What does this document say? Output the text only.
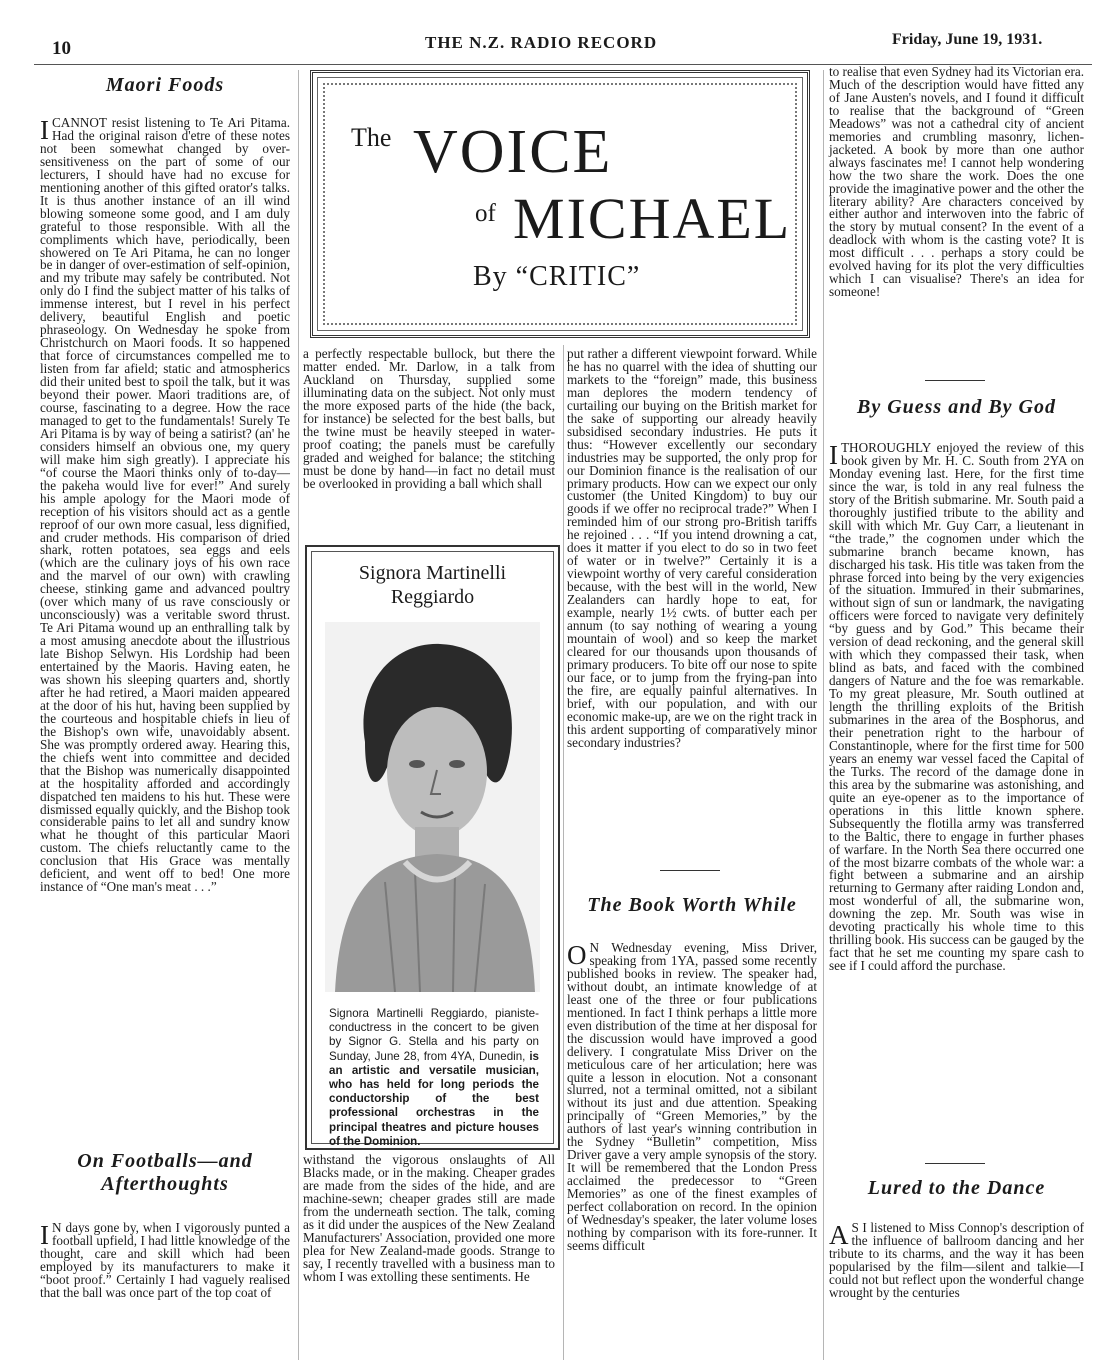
10	THE N.Z. RADIO RECORD	Friday, June 19, 1931.
The VOICE
of MICHAEL
By “CRITIC”
Maori Foods
I CANNOT resist listening to Te Ari Pitama. Had the original raison d'etre of these notes not been somewhat changed by over-sensitiveness on the part of some of our lecturers, I should have had no excuse for mentioning another of this gifted orator's talks. It is thus another instance of an ill wind blowing someone some good, and I am duly grateful to those responsible. With all the compliments which have, periodically, been showered on Te Ari Pitama, he can no longer be in danger of over-estimation of self-opinion, and my tribute may safely be contributed. Not only do I find the subject matter of his talks of immense interest, but I revel in his perfect delivery, beautiful English and poetic phraseology. On Wednesday he spoke from Christchurch on Maori foods. It so happened that force of circumstances compelled me to listen from far afield; static and atmospherics did their united best to spoil the talk, but it was beyond their power. Maori traditions are, of course, fascinating to a degree. How the race managed to get to the fundamentals! Surely Te Ari Pitama is by way of being a satirist? (an' he considers himself an obvious one, my query will make him sigh greatly). I appreciate his “of course the Maori thinks only of to-day—the pakeha would live for ever!” And surely his ample apology for the Maori mode of reception of his visitors should act as a gentle reproof of our own more casual, less dignified, and cruder methods. His comparison of dried shark, rotten potatoes, sea eggs and eels (which are the culinary joys of his own race and the marvel of our own) with crawling cheese, stinking game and advanced poultry (over which many of us rave consciously or unconsciously) was a veritable sword thrust. Te Ari Pitama wound up an enthralling talk by a most amusing anecdote about the illustrious late Bishop Selwyn. His Lordship had been entertained by the Maoris. Having eaten, he was shown his sleeping quarters and, shortly after he had retired, a Maori maiden appeared at the door of his hut, having been supplied by the courteous and hospitable chiefs in lieu of the Bishop's own wife, unavoidably absent. She was promptly ordered away. Hearing this, the chiefs went into committee and decided that the Bishop was numerically disappointed at the hospitality afforded and accordingly dispatched ten maidens to his hut. These were dismissed equally quickly, and the Bishop took considerable pains to let all and sundry know what he thought of this particular Maori custom. The chiefs reluctantly came to the conclusion that His Grace was mentally deficient, and went off to bed! One more instance of “One man's meat . . .”

On Footballs—and

Afterthoughts

I N days gone by, when I vigorously punted a football upfield, I had little knowledge of the thought, care and skill which had been employed by its manufacturers to make it “boot proof.” Certainly I had vaguely realised that the ball was once part of the top coat of
a perfectly respectable bullock, but there the matter ended. Mr. Darlow, in a talk from Auckland on Thursday, supplied some illuminating data on the subject. Not only must the more exposed parts of the hide (the back, for instance) be selected for the best balls, but the twine must be heavily steeped in water-proof coating; the panels must be carefully graded and weighed for balance; the stitching must be done by hand—in fact no detail must be overlooked in providing a ball which shall
Signora Martinelli
Reggiardo
Signora Martinelli Reggiardo, pianiste-conductress in the concert to be given by Signor G. Stella and his party on Sunday, June 28, from 4YA, Dunedin, is an artistic and versatile musician, who has held for long periods the conductorship of the best professional orchestras in the principal theatres and picture houses of the Dominion.
withstand the vigorous onslaughts of All Blacks made, or in the making. Cheaper grades are made from the sides of the hide, and are machine-sewn; cheaper grades still are made from the underneath section. The talk, coming as it did under the auspices of the New Zealand Manufacturers' Association, provided one more plea for New Zealand-made goods. Strange to say, I recently travelled with a business man to whom I was extolling these sentiments. He
put rather a different viewpoint forward. While he has no quarrel with the idea of shutting our markets to the “foreign” made, this business man deplores the modern tendency of curtailing our buying on the British market for the sake of supporting our already heavily subsidised secondary industries. He puts it thus: “However excellently our secondary industries may be supported, the only prop for our Dominion finance is the realisation of our primary products. How can we expect our only customer (the United Kingdom) to buy our goods if we offer no reciprocal trade?” When I reminded him of our strong pro-British tariffs he rejoined . . . “If you intend drowning a cat, does it matter if you elect to do so in two feet of water or in twelve?” Certainly it is a viewpoint worthy of very careful consideration because, with the best will in the world, New Zealanders can hardly hope to eat, for example, nearly 1½ cwts. of butter each per annum (to say nothing of wearing a young mountain of wool) and so keep the market cleared for our thousands upon thousands of primary producers. To bite off our nose to spite our face, or to jump from the frying-pan into the fire, are equally painful alternatives. In brief, with our population, and with our economic make-up, are we on the right track in this ardent supporting of comparatively minor secondary industries?
The Book Worth While
O N Wednesday evening, Miss Driver, speaking from 1YA, passed some recently published books in review. The speaker had, without doubt, an intimate knowledge of at least one of the three or four publications mentioned. In fact I think perhaps a little more even distribution of the time at her disposal for the discussion would have improved a good delivery. I congratulate Miss Driver on the meticulous care of her articulation; here was quite a lesson in elocution. Not a consonant slurred, not a terminal omitted, not a sibilant without its just and due attention. Speaking principally of “Green Memories,” by the authors of last year's winning contribution in the Sydney “Bulletin” competition, Miss Driver gave a very ample synopsis of the story. It will be remembered that the London Press acclaimed the predecessor to “Green Memories” as one of the finest examples of perfect collaboration on record. In the opinion of Wednesday's speaker, the later volume loses nothing by comparison with its fore-runner. It seems difficult
to realise that even Sydney had its Victorian era. Much of the description would have fitted any of Jane Austen's novels, and I found it difficult to realise that the background of “Green Meadows” was not a cathedral city of ancient memories and crumbling masonry, lichen-jacketed. A book by more than one author always fascinates me! I cannot help wondering how the two share the work. Does the one provide the imaginative power and the other the literary ability? Are characters conceived by either author and interwoven into the fabric of the story by mutual consent? In the event of a deadlock with whom is the casting vote? It is most difficult . . . perhaps a story could be evolved having for its plot the very difficulties which I can visualise? There's an idea for someone!
By Guess and By God
I THOROUGHLY enjoyed the review of this book given by Mr. H. C. South from 2YA on Monday evening last. Here, for the first time since the war, is told in any real fulness the story of the British submarine. Mr. South paid a thoroughly justified tribute to the ability and skill with which Mr. Guy Carr, a lieutenant in “the trade,” the cognomen under which the submarine branch became known, has discharged his task. His title was taken from the phrase forced into being by the very exigencies of the situation. Immured in their submarines, without sign of sun or landmark, the navigating officers were forced to navigate very definitely “by guess and by God.” This became their version of dead reckoning, and the general skill with which they compassed their task, when blind as bats, and faced with the combined dangers of Nature and the foe was remarkable. To my great pleasure, Mr. South outlined at length the thrilling exploits of the British submarines in the area of the Bosphorus, and their penetration right to the harbour of Constantinople, where for the first time for 500 years an enemy war vessel faced the Capital of the Turks. The record of the damage done in this area by the submarine was astonishing, and quite an eye-opener as to the importance of operations in this little known sphere. Subsequently the flotilla army was transferred to the Baltic, there to engage in further phases of warfare. In the North Sea there occurred one of the most bizarre combats of the whole war: a fight between a submarine and an airship returning to Germany after raiding London and, most wonderful of all, the submarine won, downing the zep. Mr. South was wise in devoting practically his whole time to this thrilling book. His success can be gauged by the fact that he set me counting my spare cash to see if I could afford the purchase.
Lured to the Dance
A S I listened to Miss Connop's description of the influence of ballroom dancing and her tribute to its charms, and the way it has been popularised by the film—silent and talkie—I could not but reflect upon the wonderful change wrought by the centuries
